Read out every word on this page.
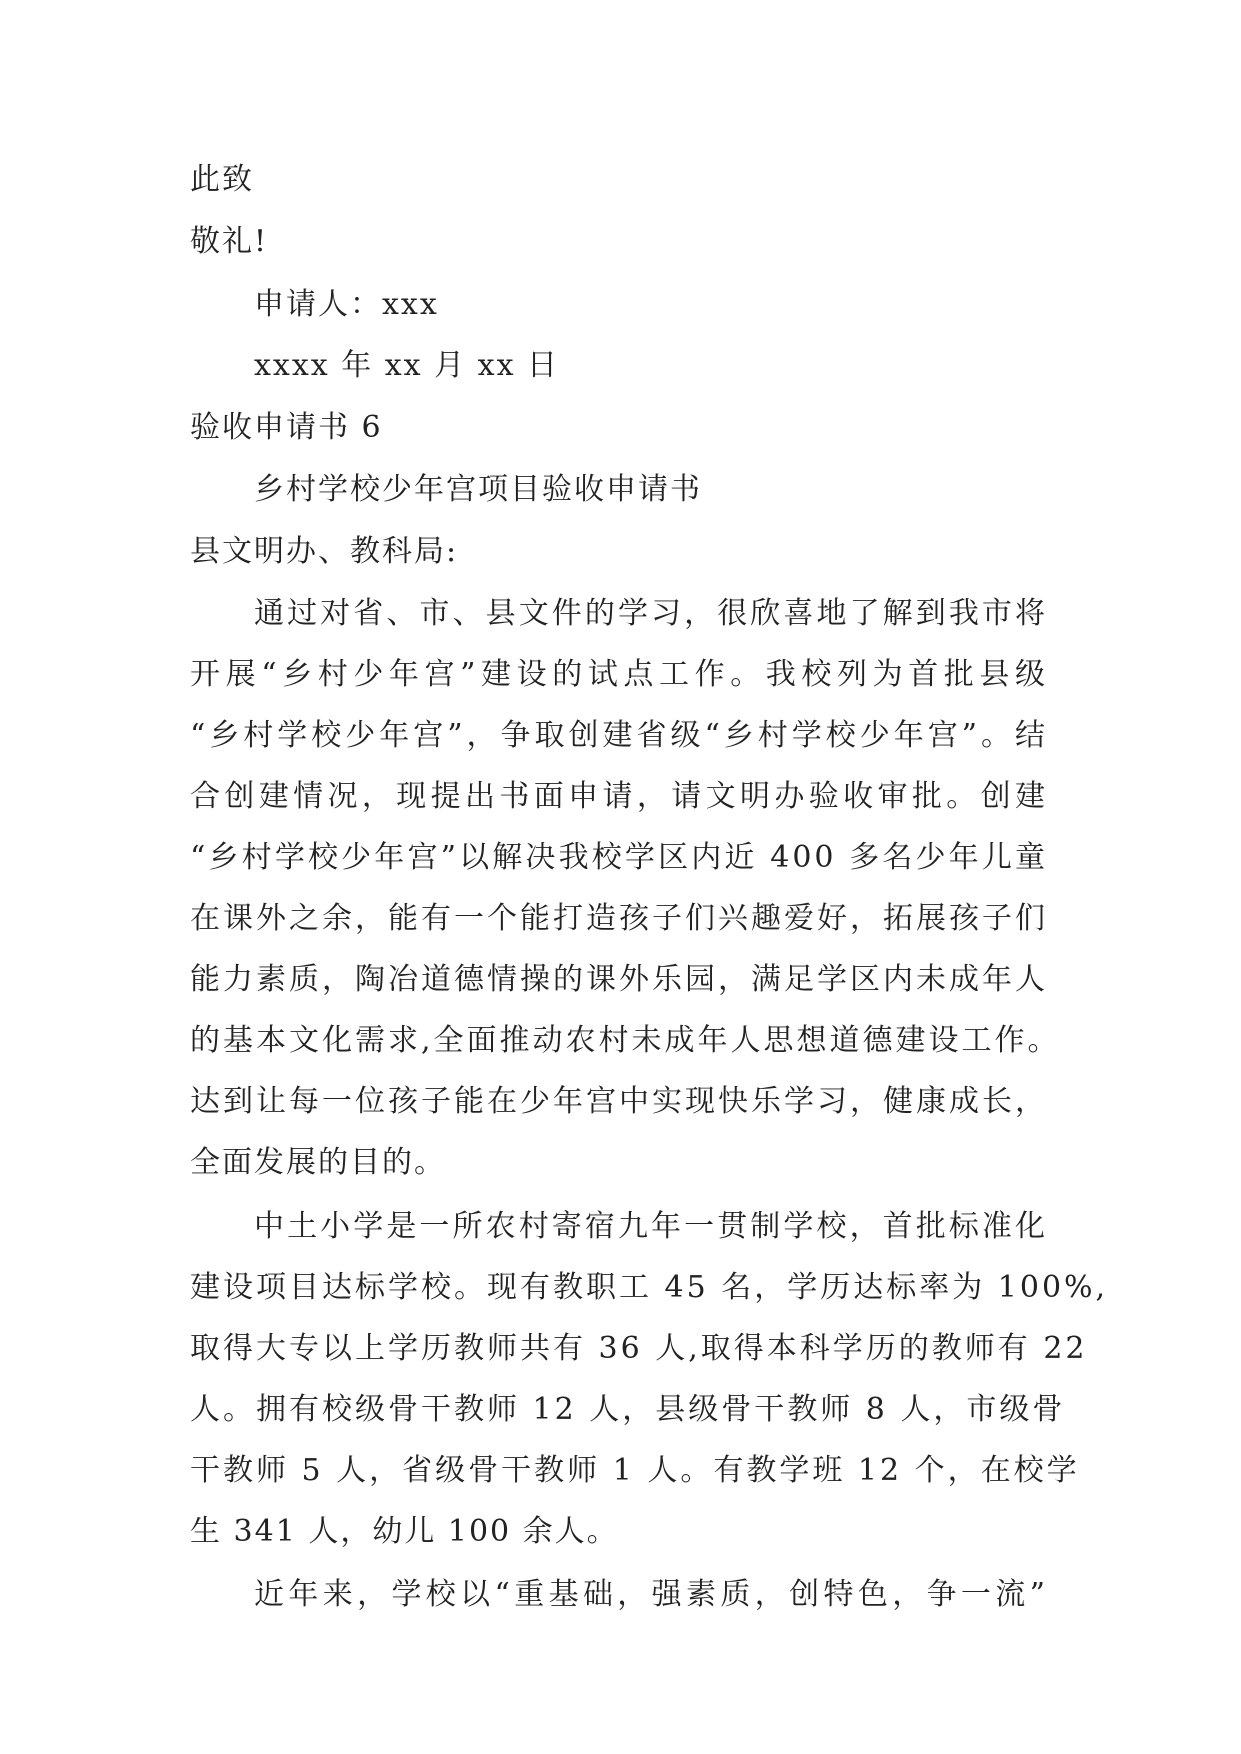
此致
敬礼!
申请人：xxx
xxxx 年 xx 月 xx 日
验收申请书 6
乡村学校少年宫项目验收申请书
县文明办、教科局:
通过对省、市、县文件的学习，很欣喜地了解到我市将
开展“乡村少年宫”建设的试点工作。我校列为首批县级
“乡村学校少年宫”，争取创建省级“乡村学校少年宫”。结
合创建情况，现提出书面申请，请文明办验收审批。创建
“乡村学校少年宫”以解决我校学区内近 400 多名少年儿童
在课外之余，能有一个能打造孩子们兴趣爱好，拓展孩子们
能力素质，陶冶道德情操的课外乐园，满足学区内未成年人
的基本文化需求,全面推动农村未成年人思想道德建设工作。
达到让每一位孩子能在少年宫中实现快乐学习，健康成长，
全面发展的目的。
中土小学是一所农村寄宿九年一贯制学校，首批标准化
建设项目达标学校。现有教职工 45 名，学历达标率为 100%,
取得大专以上学历教师共有 36 人,取得本科学历的教师有 22
人。拥有校级骨干教师 12 人，县级骨干教师 8 人，市级骨
干教师 5 人，省级骨干教师 1 人。有教学班 12 个，在校学
生 341 人，幼儿 100 余人。
近年来，学校以“重基础，强素质，创特色，争一流”
